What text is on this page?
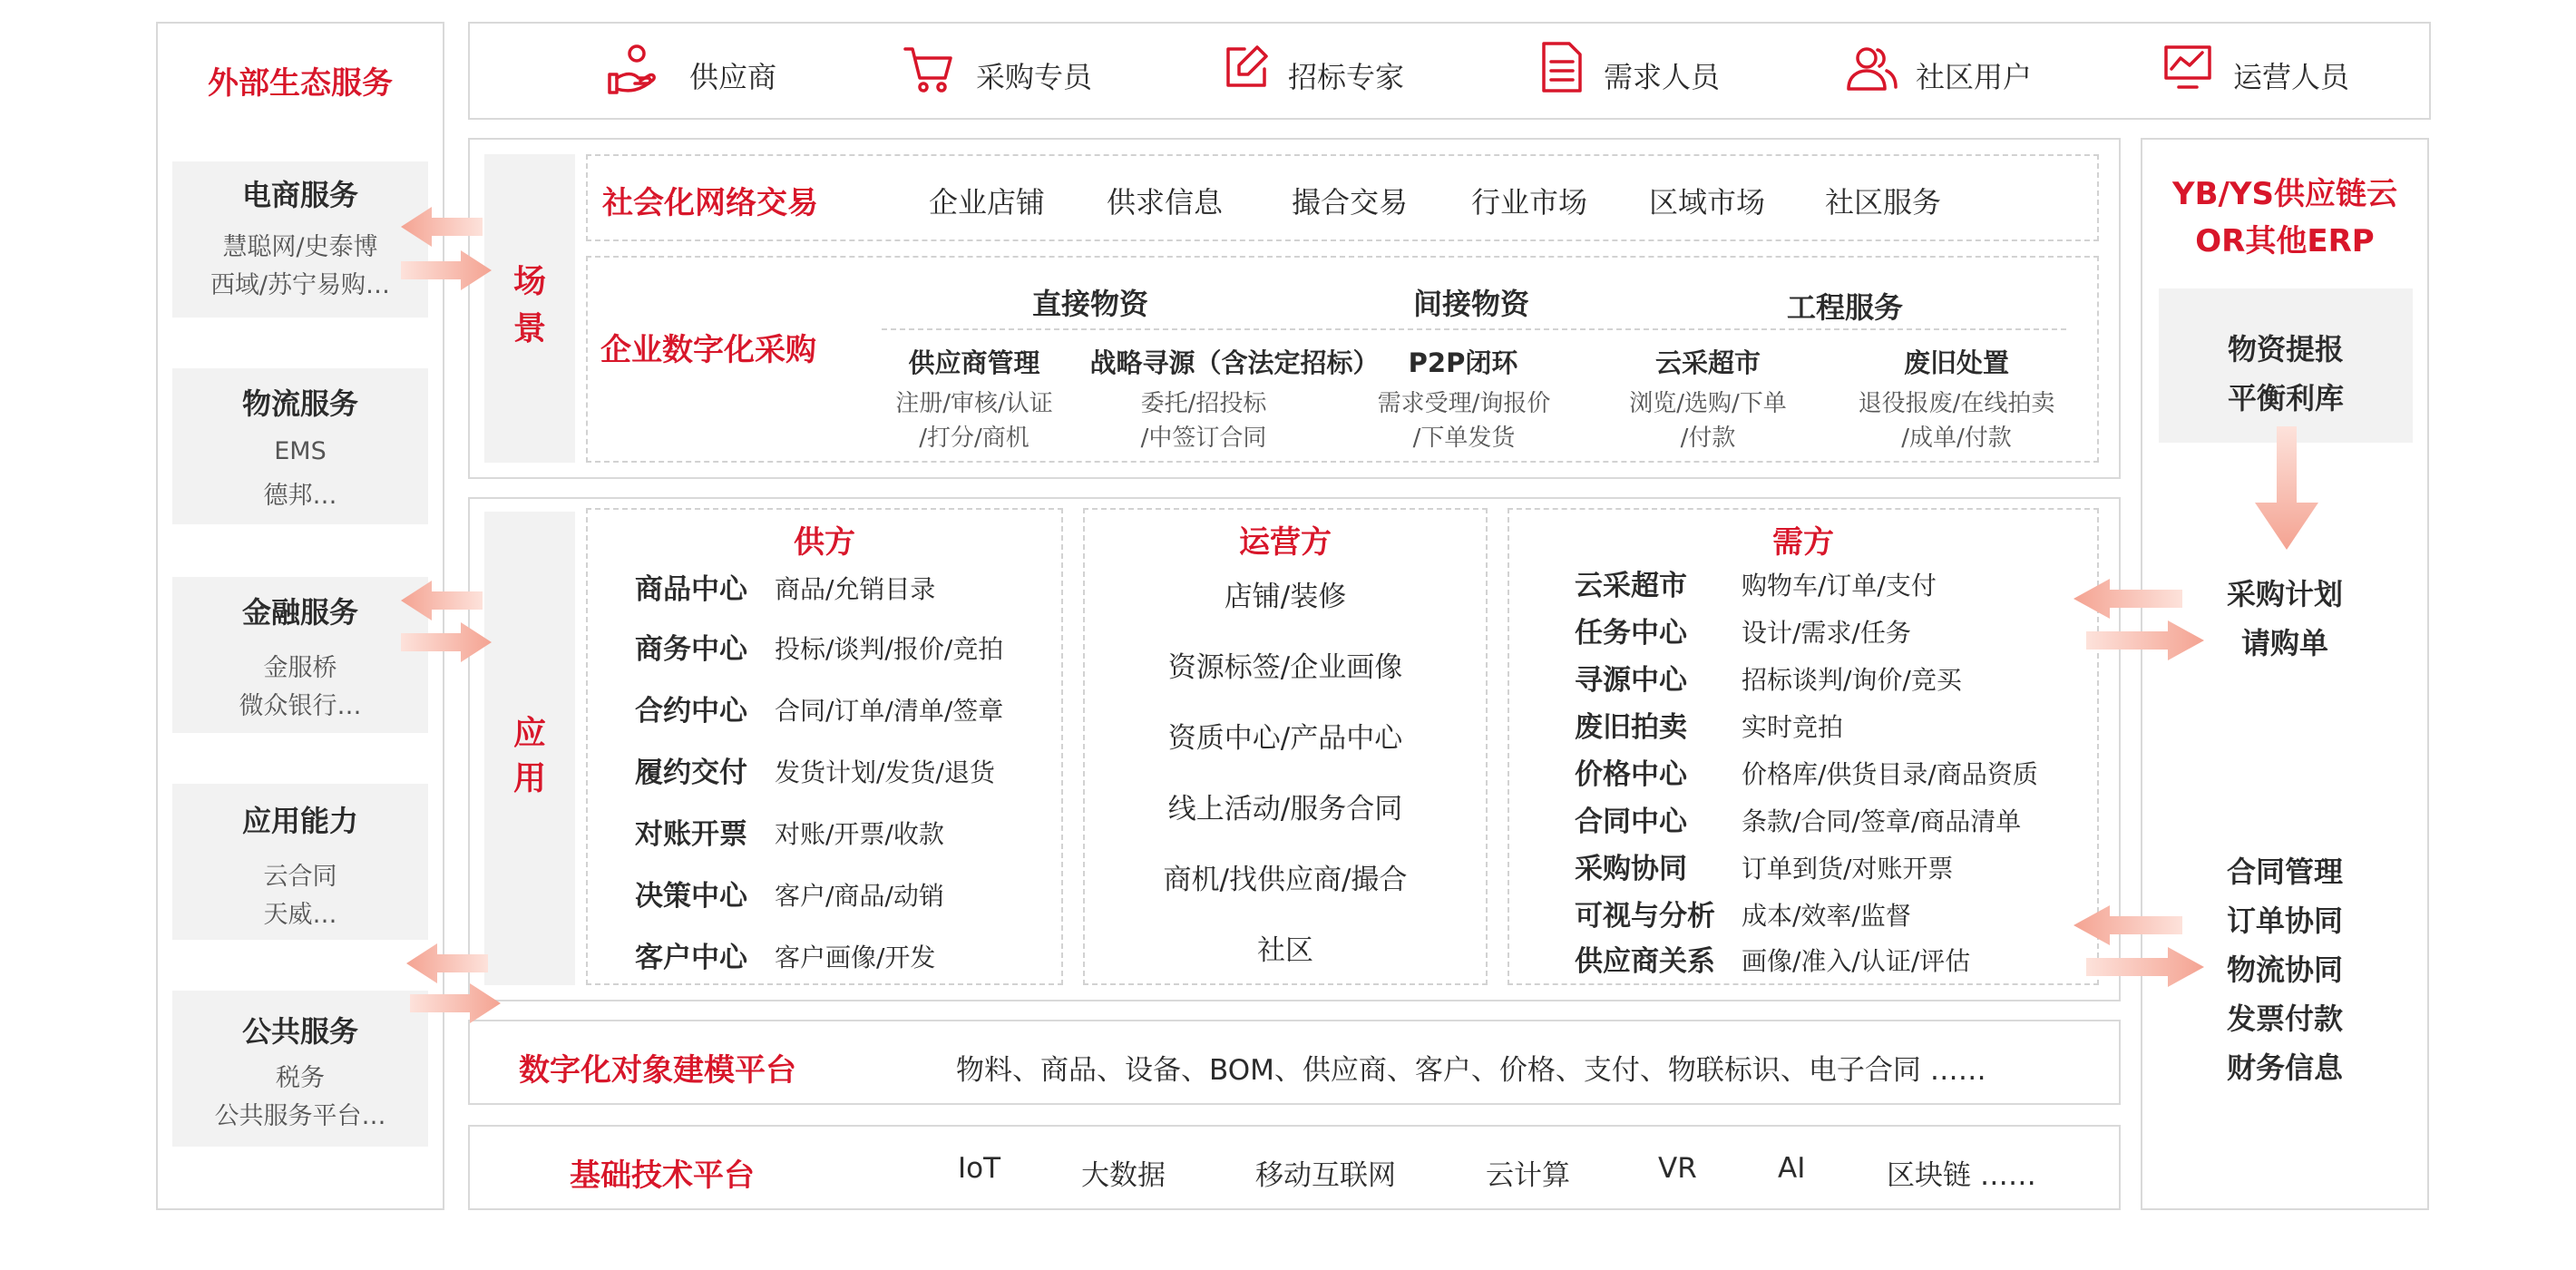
外部生态服务
电商服务
慧聪网/史泰博
西域/苏宁易购…
物流服务
EMS
德邦…
金融服务
金服桥
微众银行…
应用能力
云合同
天威…
公共服务
税务
公共服务平台…
供应商	采购专员	招标专家	需求人员	社区用户	运营人员
场
景
社会化网络交易	企业店铺 供求信息 撮合交易 行业市场 区域市场 社区服务
企业数字化采购
直接物资	间接物资	工程服务
供应商管理
注册/审核/认证
/打分/商机
战略寻源（含法定招标）
委托/招投标
/中签订合同
P2P闭环
需求受理/询报价
/下单发货
云采超市
浏览/选购/下单
/付款
废旧处置
退役报废/在线拍卖
/成单/付款
应
用
供方
商品中心 商品/允销目录
商务中心 投标/谈判/报价/竞拍
合约中心 合同/订单/清单/签章
履约交付 发货计划/发货/退货
对账开票 对账/开票/收款
决策中心 客户/商品/动销
客户中心 客户画像/开发
运营方
店铺/装修
资源标签/企业画像
资质中心/产品中心
线上活动/服务合同
商机/找供应商/撮合
社区
需方
云采超市 购物车/订单/支付
任务中心 设计/需求/任务
寻源中心 招标谈判/询价/竞买
废旧拍卖 实时竞拍
价格中心 价格库/供货目录/商品资质
合同中心 条款/合同/签章/商品清单
采购协同 订单到货/对账开票
可视与分析 成本/效率/监督
供应商关系 画像/准入/认证/评估
数字化对象建模平台	物料、商品、设备、BOM、供应商、客户、价格、支付、物联标识、电子合同 ……
基础技术平台	IoT	大数据	移动互联网	云计算	VR	AI	区块链 ……
YB/YS供应链云
OR其他ERP
物资提报
平衡利库
采购计划
请购单
合同管理
订单协同
物流协同
发票付款
财务信息
